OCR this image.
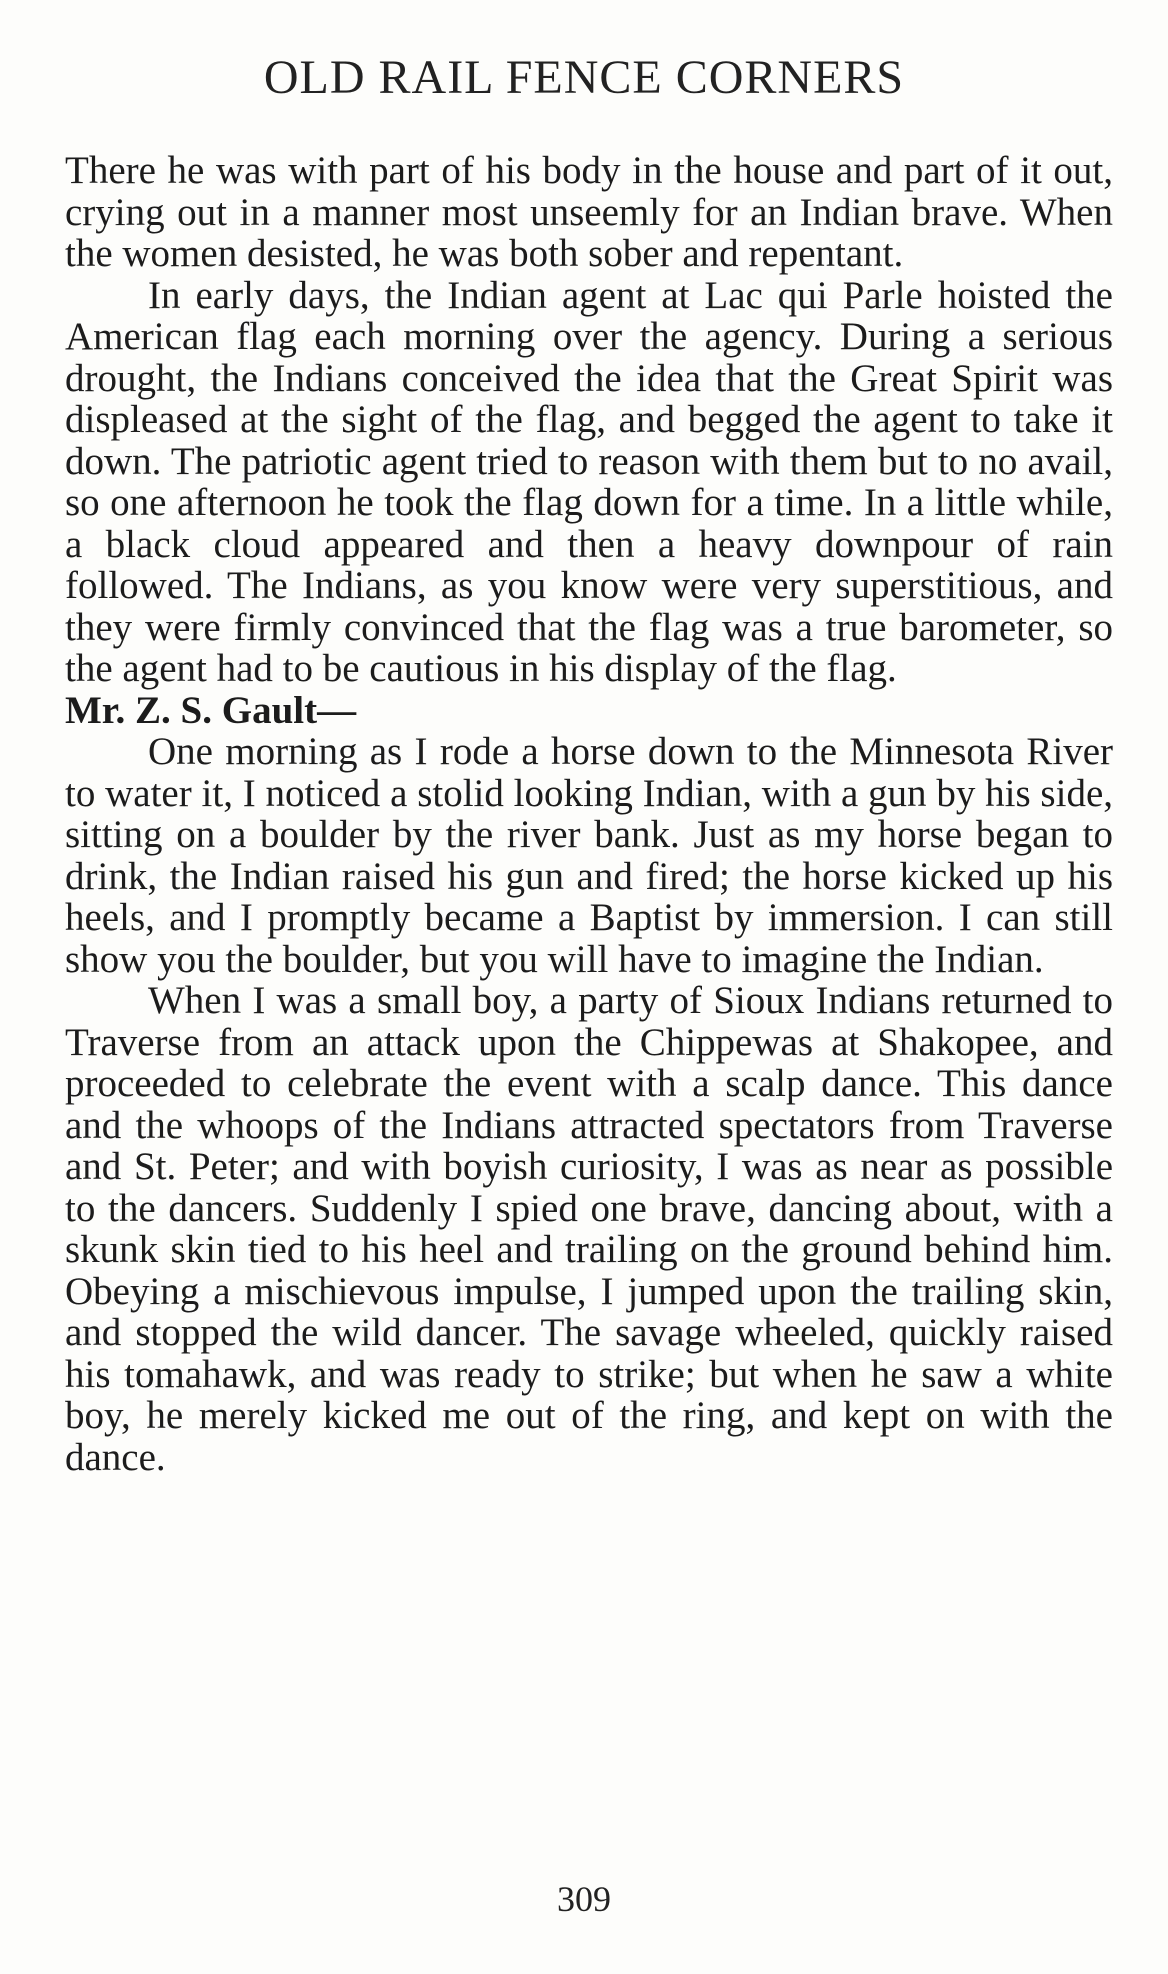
OLD RAIL FENCE CORNERS

There he was with part of his body in the house and part of it out, crying out in a manner most unseemly for an Indian brave. When the women desisted, he was both sober and repentant.

In early days, the Indian agent at Lac qui Parle hoisted the American flag each morning over the agency. During a serious drought, the Indians conceived the idea that the Great Spirit was displeased at the sight of the flag, and begged the agent to take it down. The patriotic agent tried to reason with them but to no avail, so one afternoon he took the flag down for a time. In a little while, a black cloud appeared and then a heavy downpour of rain followed. The Indians, as you know were very superstitious, and they were firmly convinced that the flag was a true barometer, so the agent had to be cautious in his display of the flag.

Mr. Z. S. Gault—

One morning as I rode a horse down to the Minnesota River to water it, I noticed a stolid looking Indian, with a gun by his side, sitting on a boulder by the river bank. Just as my horse began to drink, the Indian raised his gun and fired; the horse kicked up his heels, and I promptly became a Baptist by immersion. I can still show you the boulder, but you will have to imagine the Indian.

When I was a small boy, a party of Sioux Indians returned to Traverse from an attack upon the Chippewas at Shakopee, and proceeded to celebrate the event with a scalp dance. This dance and the whoops of the Indians attracted spectators from Traverse and St. Peter; and with boyish curiosity, I was as near as possible to the dancers. Suddenly I spied one brave, dancing about, with a skunk skin tied to his heel and trailing on the ground behind him. Obeying a mischievous impulse, I jumped upon the trailing skin, and stopped the wild dancer. The savage wheeled, quickly raised his tomahawk, and was ready to strike; but when he saw a white boy, he merely kicked me out of the ring, and kept on with the dance.

309
